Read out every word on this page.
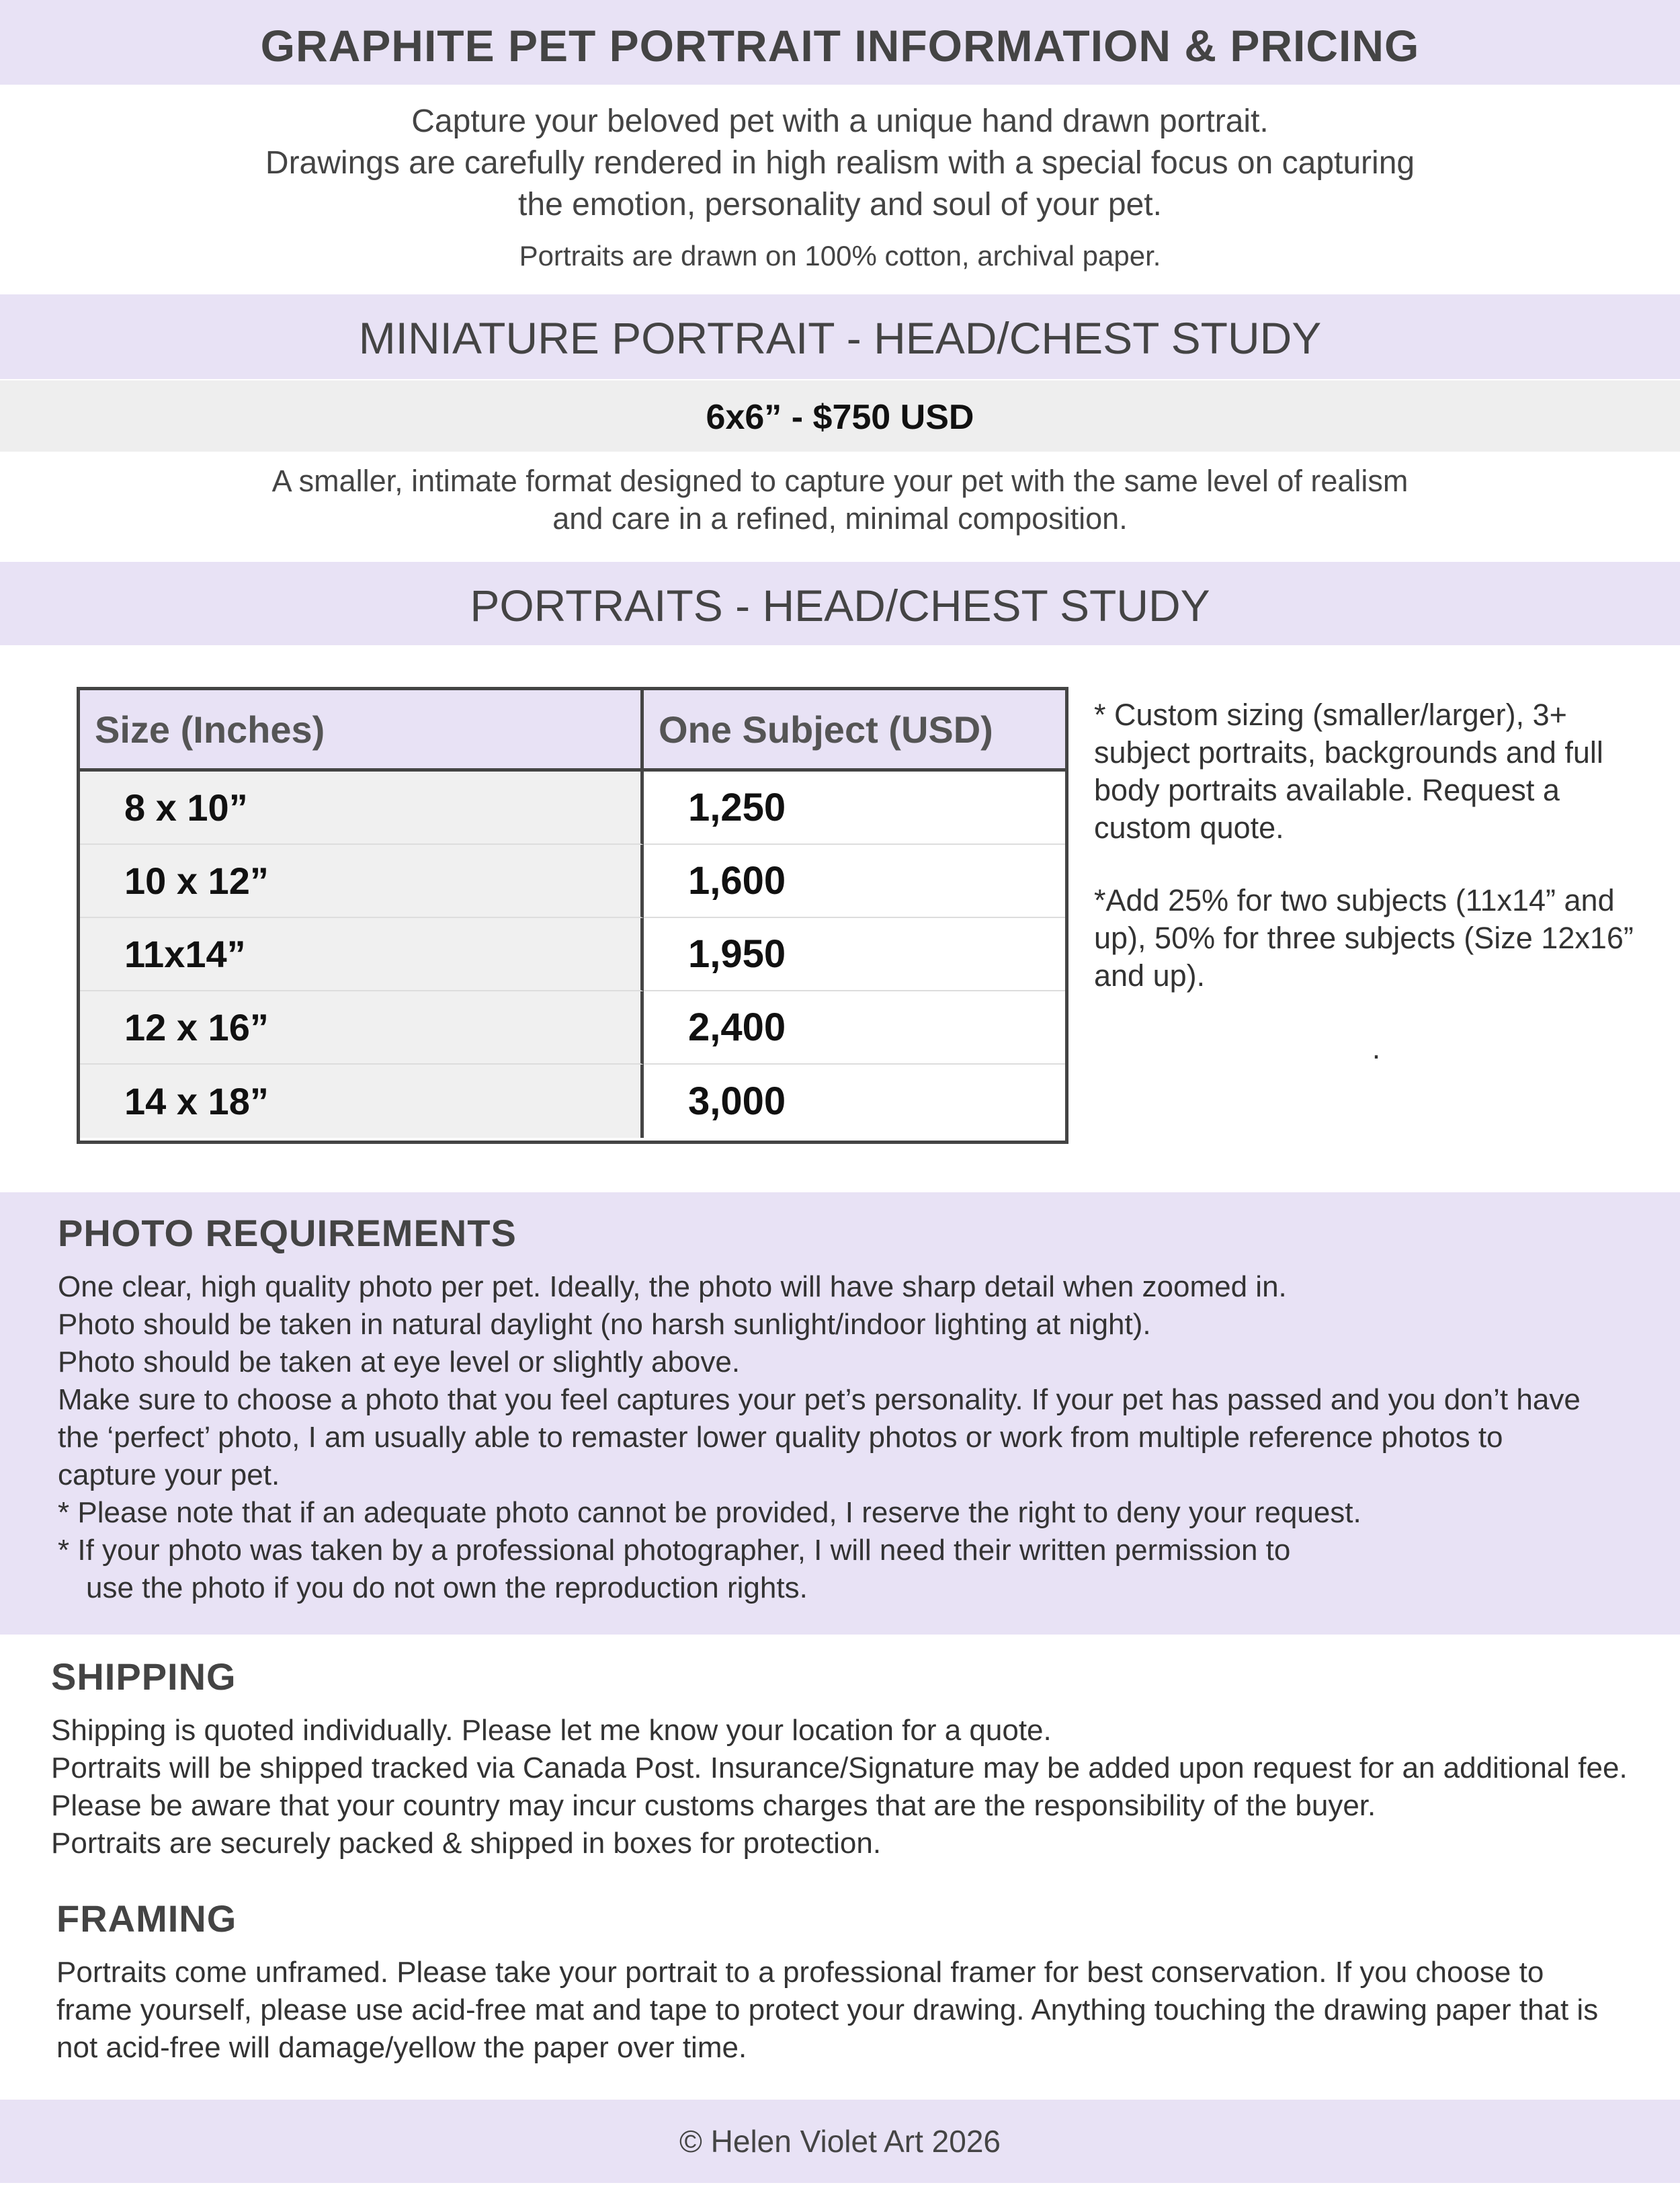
GRAPHITE PET PORTRAIT INFORMATION & PRICING
Capture your beloved pet with a unique hand drawn portrait.
Drawings are carefully rendered in high realism with a special focus on capturing
the emotion, personality and soul of your pet.
Portraits are drawn on 100% cotton, archival paper.
MINIATURE PORTRAIT - HEAD/CHEST STUDY
6x6” - $750 USD
A smaller, intimate format designed to capture your pet with the same level of realism
and care in a refined, minimal composition.
PORTRAITS - HEAD/CHEST STUDY
Size (Inches)	One Subject (USD)
8 x 10”	1,250
10 x 12”	1,600
11x14”	1,950
12 x 16”	2,400
14 x 18”	3,000

* Custom sizing (smaller/larger), 3+ subject portraits, backgrounds and full body portraits available. Request a custom quote.

*Add 25% for two subjects (11x14” and up), 50% for three subjects (Size 12x16” and up).

.

PHOTO REQUIREMENTS
One clear, high quality photo per pet. Ideally, the photo will have sharp detail when zoomed in.
Photo should be taken in natural daylight (no harsh sunlight/indoor lighting at night).
Photo should be taken at eye level or slightly above.
Make sure to choose a photo that you feel captures your pet’s personality. If your pet has passed and you don’t have
the ‘perfect’ photo, I am usually able to remaster lower quality photos or work from multiple reference photos to
capture your pet.
* Please note that if an adequate photo cannot be provided, I reserve the right to deny your request.
* If your photo was taken by a professional photographer, I will need their written permission to
use the photo if you do not own the reproduction rights.
SHIPPING
Shipping is quoted individually. Please let me know your location for a quote.
Portraits will be shipped tracked via Canada Post. Insurance/Signature may be added upon request for an additional fee.
Please be aware that your country may incur customs charges that are the responsibility of the buyer.
Portraits are securely packed & shipped in boxes for protection.
FRAMING
Portraits come unframed. Please take your portrait to a professional framer for best conservation. If you choose to
frame yourself, please use acid-free mat and tape to protect your drawing. Anything touching the drawing paper that is
not acid-free will damage/yellow the paper over time.
© Helen Violet Art 2026
